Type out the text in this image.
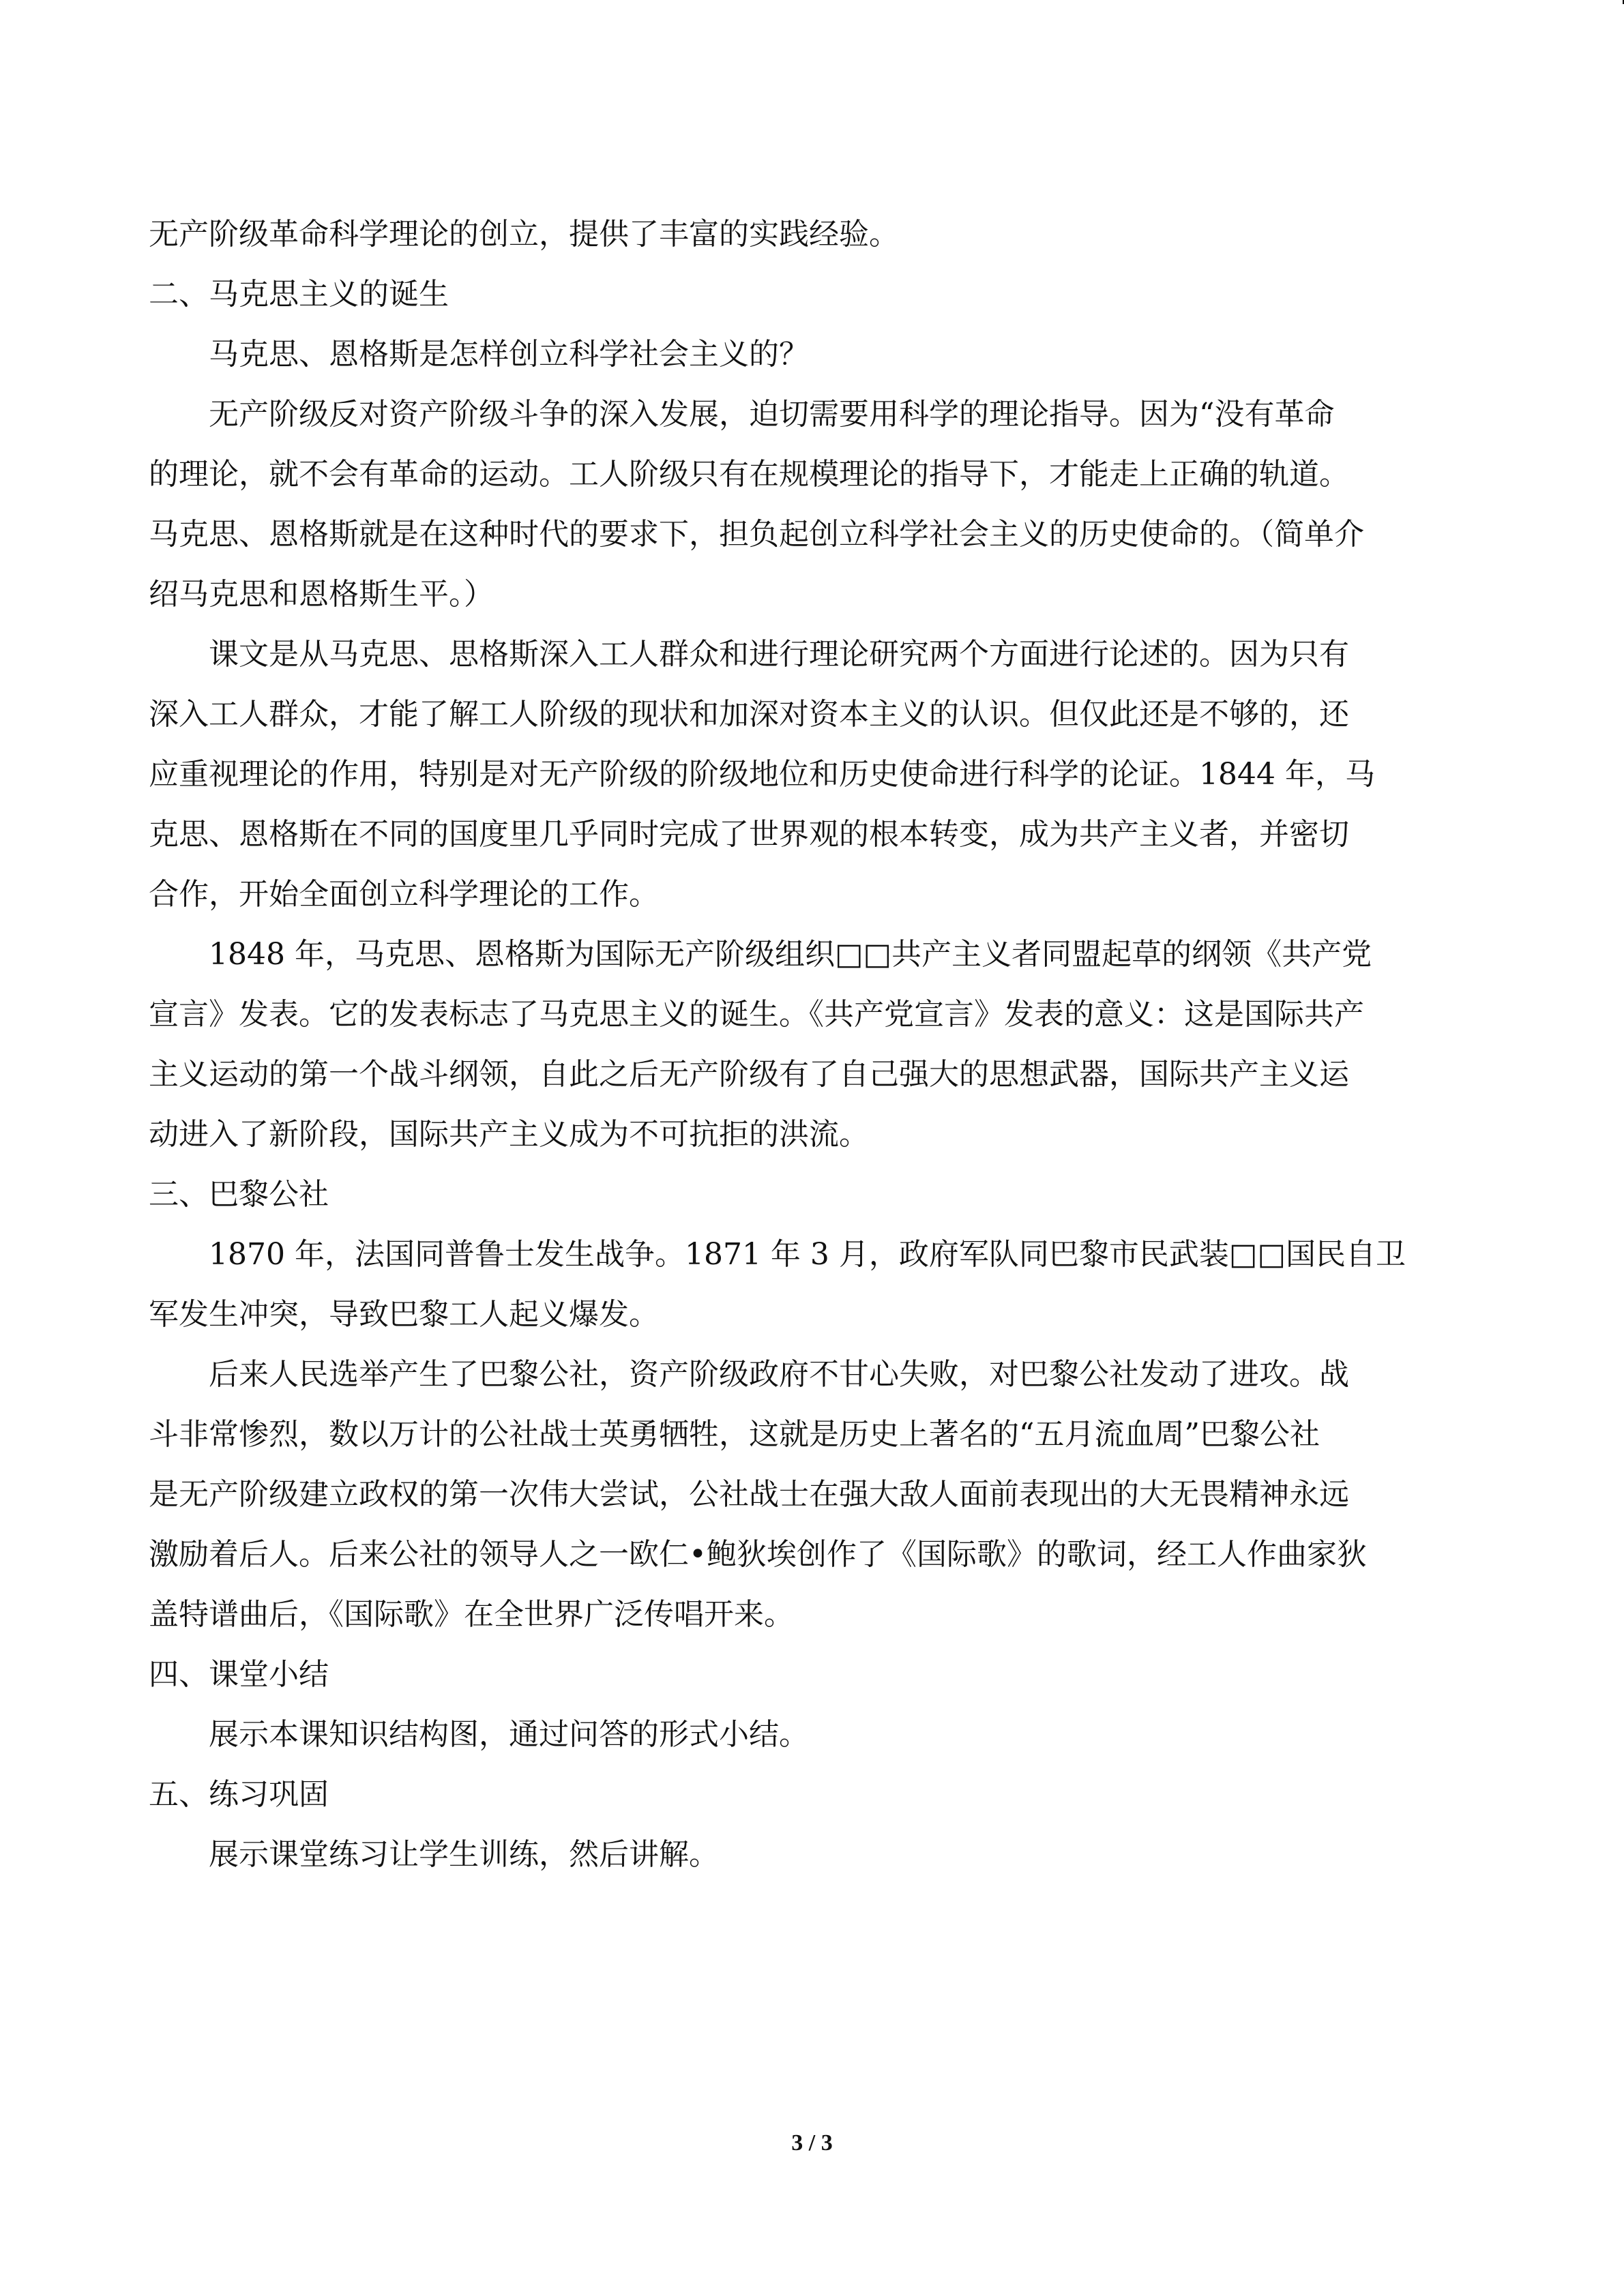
无产阶级革命科学理论的创立，提供了丰富的实践经验。
二、马克思主义的诞生
马克思、恩格斯是怎样创立科学社会主义的？
无产阶级反对资产阶级斗争的深入发展，迫切需要用科学的理论指导。因为“没有革命
的理论，就不会有革命的运动。工人阶级只有在规模理论的指导下，才能走上正确的轨道。
马克思、恩格斯就是在这种时代的要求下，担负起创立科学社会主义的历史使命的。（简单介
绍马克思和恩格斯生平。）
课文是从马克思、思格斯深入工人群众和进行理论研究两个方面进行论述的。因为只有
深入工人群众，才能了解工人阶级的现状和加深对资本主义的认识。但仅此还是不够的，还
应重视理论的作用，特别是对无产阶级的阶级地位和历史使命进行科学的论证。1844 年，马
克思、恩格斯在不同的国度里几乎同时完成了世界观的根本转变，成为共产主义者，并密切
合作，开始全面创立科学理论的工作。
1848 年，马克思、恩格斯为国际无产阶级组织□□共产主义者同盟起草的纲领《共产党
宣言》发表。它的发表标志了马克思主义的诞生。《共产党宣言》发表的意义：这是国际共产
主义运动的第一个战斗纲领，自此之后无产阶级有了自己强大的思想武器，国际共产主义运
动进入了新阶段，国际共产主义成为不可抗拒的洪流。
三、巴黎公社
1870 年，法国同普鲁士发生战争。1871 年 3 月，政府军队同巴黎市民武装□□国民自卫
军发生冲突，导致巴黎工人起义爆发。
后来人民选举产生了巴黎公社，资产阶级政府不甘心失败，对巴黎公社发动了进攻。战
斗非常惨烈，数以万计的公社战士英勇牺牲，这就是历史上著名的“五月流血周”巴黎公社
是无产阶级建立政权的第一次伟大尝试，公社战士在强大敌人面前表现出的大无畏精神永远
激励着后人。后来公社的领导人之一欧仁•鲍狄埃创作了《国际歌》的歌词，经工人作曲家狄
盖特谱曲后，《国际歌》在全世界广泛传唱开来。
四、课堂小结
展示本课知识结构图，通过问答的形式小结。
五、练习巩固
展示课堂练习让学生训练，然后讲解。
3 / 3
